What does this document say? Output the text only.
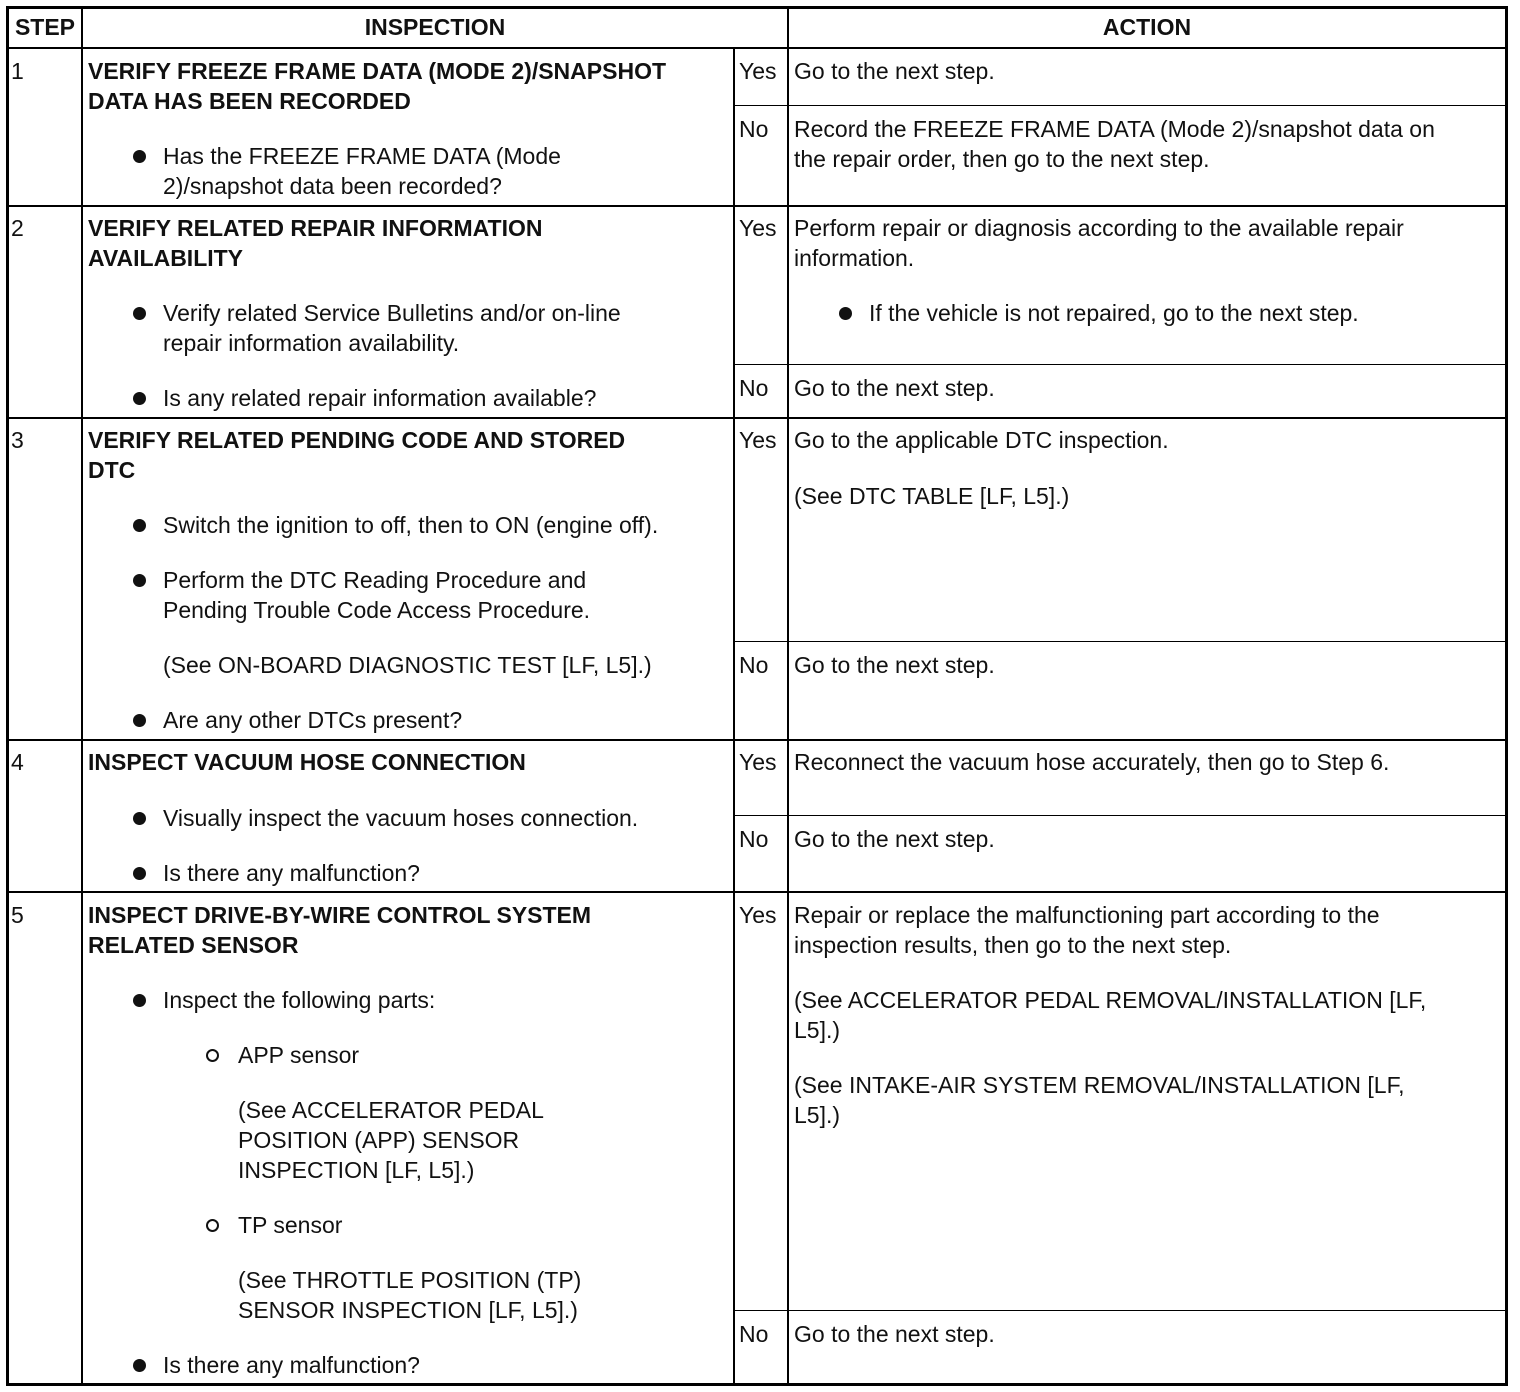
STEP	INSPECTION	ACTION
1	VERIFY FREEZE FRAME DATA (MODE 2)/SNAPSHOT
DATA HAS BEEN RECORDED
Has the FREEZE FRAME DATA (Mode
2)/snapshot data been recorded?
Yes Go to the next step.
No Record the FREEZE FRAME DATA (Mode 2)/snapshot data on
the repair order, then go to the next step.
2	VERIFY RELATED REPAIR INFORMATION
AVAILABILITY
Verify related Service Bulletins and/or on-line
repair information availability.
Is any related repair information available?
Yes Perform repair or diagnosis according to the available repair
information.
If the vehicle is not repaired, go to the next step.
No Go to the next step.
3	VERIFY RELATED PENDING CODE AND STORED
DTC
Switch the ignition to off, then to ON (engine off).
Perform the DTC Reading Procedure and
Pending Trouble Code Access Procedure.
(See ON-BOARD DIAGNOSTIC TEST [LF, L5].)
Are any other DTCs present?
Yes Go to the applicable DTC inspection.
(See DTC TABLE [LF, L5].)
No Go to the next step.
4	INSPECT VACUUM HOSE CONNECTION
Visually inspect the vacuum hoses connection.
Is there any malfunction?
Yes Reconnect the vacuum hose accurately, then go to Step 6.
No Go to the next step.
5	INSPECT DRIVE-BY-WIRE CONTROL SYSTEM
RELATED SENSOR
Inspect the following parts:
APP sensor
(See ACCELERATOR PEDAL
POSITION (APP) SENSOR
INSPECTION [LF, L5].)
TP sensor
(See THROTTLE POSITION (TP)
SENSOR INSPECTION [LF, L5].)
Is there any malfunction?
Yes Repair or replace the malfunctioning part according to the
inspection results, then go to the next step.
(See ACCELERATOR PEDAL REMOVAL/INSTALLATION [LF,
L5].)
(See INTAKE-AIR SYSTEM REMOVAL/INSTALLATION [LF,
L5].)
No Go to the next step.
